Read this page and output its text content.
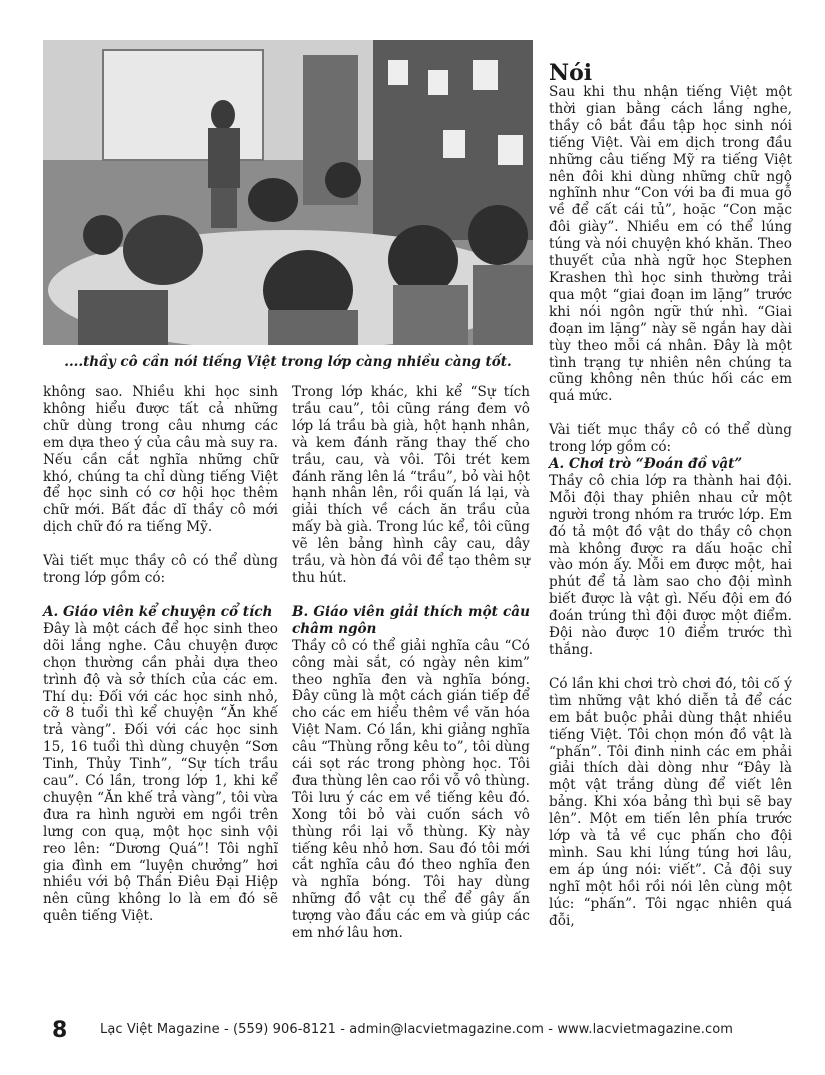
....thầy cô cần nói tiếng Việt trong lớp càng nhiều càng tốt.
Nói

không sao. Nhiều khi học sinh không hiểu được tất cả những chữ dùng trong câu nhưng các em dựa theo ý của câu mà suy ra. Nếu cần cắt nghĩa những chữ khó, chúng ta chỉ dùng tiếng Việt để học sinh có cơ hội học thêm chữ mới. Bất đắc dĩ thầy cô mới dịch chữ đó ra tiếng Mỹ.

Vài tiết mục thầy cô có thể dùng trong lớp gồm có:

A. Giáo viên kể chuyện cổ tích

Đây là một cách để học sinh theo dõi lắng nghe. Câu chuyện được chọn thường cần phải dựa theo trình độ và sở thích của các em. Thí dụ: Đối với các học sinh nhỏ, cỡ 8 tuổi thì kể chuyện “Ăn khế trả vàng”. Đối với các học sinh 15, 16 tuổi thì dùng chuyện “Sơn Tinh, Thủy Tinh”, “Sự tích trầu cau”. Có lần, trong lớp 1, khi kể chuyện “Ăn khế trả vàng”, tôi vừa đưa ra hình người em ngồi trên lưng con quạ, một học sinh vội reo lên: “Dương Quá”! Tôi nghĩ gia đình em “luyện chưởng” hơi nhiều với bộ Thần Điêu Đại Hiệp nên cũng không lo là em đó sẽ quên tiếng Việt.

Trong lớp khác, khi kể “Sự tích trầu cau”, tôi cũng ráng đem vô lớp lá trầu bà già, hột hạnh nhân, và kem đánh răng thay thế cho trầu, cau, và vôi. Tôi trét kem đánh răng lên lá “trầu”, bỏ vài hột hạnh nhân lên, rồi quấn lá lại, và giải thích về cách ăn trầu của mấy bà già. Trong lúc kể, tôi cũng vẽ lên bảng hình cây cau, dây trầu, và hòn đá vôi để tạo thêm sự thu hút.

B. Giáo viên giải thích một câu châm ngôn

Thầy cô có thể giải nghĩa câu “Có công mài sắt, có ngày nên kim” theo nghĩa đen và nghĩa bóng. Đây cũng là một cách gián tiếp để cho các em hiểu thêm về văn hóa Việt Nam. Có lần, khi giảng nghĩa câu “Thùng rỗng kêu to”, tôi dùng cái sọt rác trong phòng học. Tôi đưa thùng lên cao rồi vỗ vô thùng. Tôi lưu ý các em về tiếng kêu đó. Xong tôi bỏ vài cuốn sách vô thùng rồi lại vỗ thùng. Kỳ này tiếng kêu nhỏ hơn. Sau đó tôi mới cắt nghĩa câu đó theo nghĩa đen và nghĩa bóng. Tôi hay dùng những đồ vật cụ thể để gây ấn tượng vào đầu các em và giúp các em nhớ lâu hơn.

Sau khi thu nhận tiếng Việt một thời gian bằng cách lắng nghe, thầy cô bắt đầu tập học sinh nói tiếng Việt. Vài em dịch trong đầu những câu tiếng Mỹ ra tiếng Việt nên đôi khi dùng những chữ ngộ nghĩnh như “Con với ba đi mua gỗ về để cất cái tủ”, hoặc “Con mặc đôi giày”. Nhiều em có thể lúng túng và nói chuyện khó khăn. Theo thuyết của nhà ngữ học Stephen Krashen thì học sinh thường trải qua một “giai đoạn im lặng” trước khi nói ngôn ngữ thứ nhì. “Giai đoạn im lặng” này sẽ ngắn hay dài tùy theo mỗi cá nhân. Đây là một tình trạng tự nhiên nên chúng ta cũng không nên thúc hối các em quá mức.

Vài tiết mục thầy cô có thể dùng trong lớp gồm có:

A. Chơi trò “Đoán đồ vật”

Thầy cô chia lớp ra thành hai đội. Mỗi đội thay phiên nhau cử một người trong nhóm ra trước lớp. Em đó tả một đồ vật do thầy cô chọn mà không được ra dấu hoặc chỉ vào món ấy. Mỗi em được một, hai phút để tả làm sao cho đội mình biết được là vật gì. Nếu đội em đó đoán trúng thì đội được một điểm. Đội nào được 10 điểm trước thì thắng.

Có lần khi chơi trò chơi đó, tôi cố ý tìm những vật khó diễn tả để các em bắt buộc phải dùng thật nhiều tiếng Việt. Tôi chọn món đồ vật là “phấn”. Tôi đinh ninh các em phải giải thích dài dòng như “Đây là một vật trắng dùng để viết lên bảng. Khi xóa bảng thì bụi sẽ bay lên”. Một em tiến lên phía trước lớp và tả về cục phấn cho đội mình. Sau khi lúng túng hơi lâu, em áp úng nói: viết”. Cả đội suy nghĩ một hồi rồi nói lên cùng một lúc: “phấn”. Tôi ngạc nhiên quá đỗi,

8	Lạc Việt Magazine - (559) 906-8121 - admin@lacvietmagazine.com - www.lacvietmagazine.com
